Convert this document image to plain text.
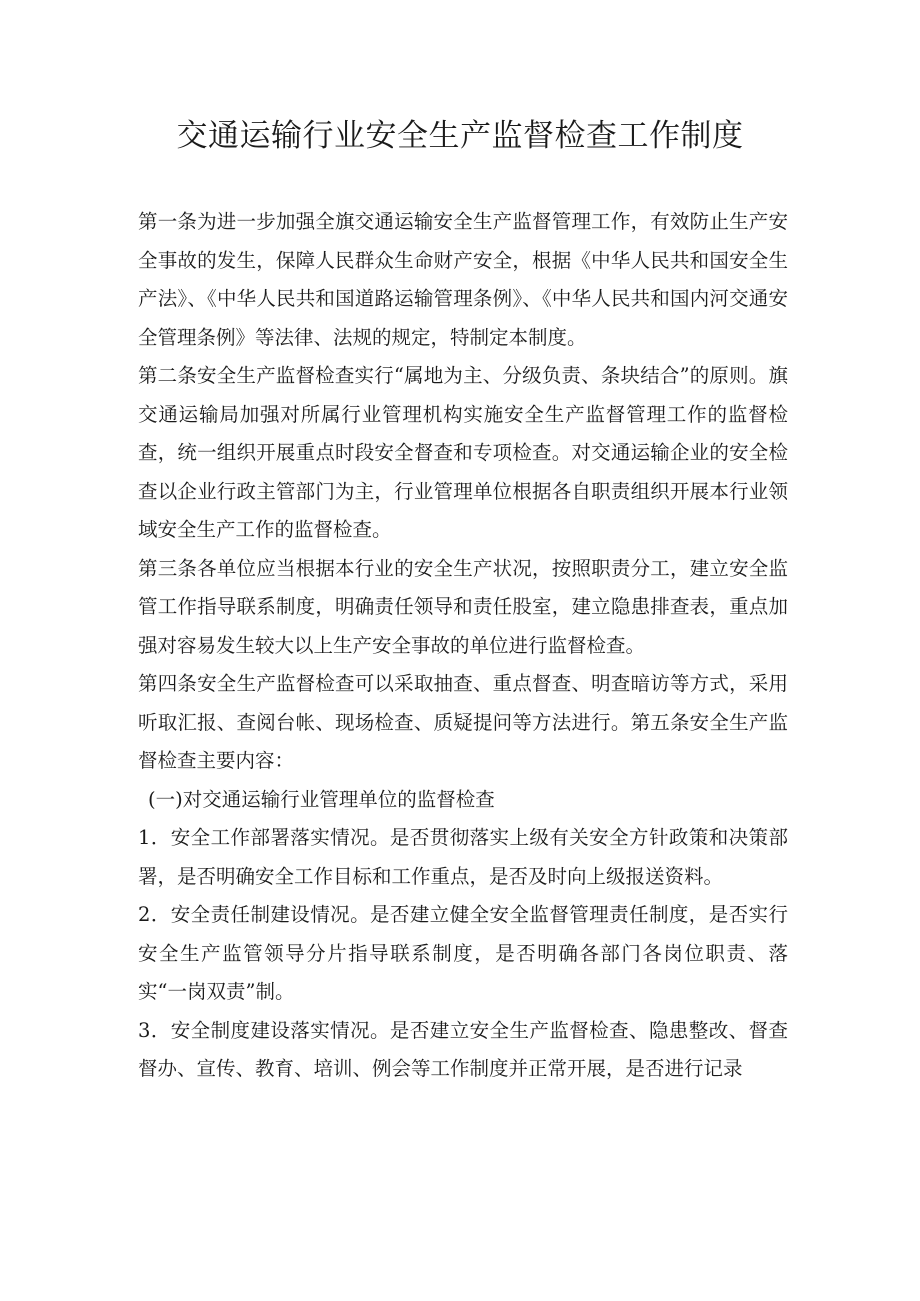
交通运输行业安全生产监督检查工作制度

第一条为进一步加强全旗交通运输安全生产监督管理工作，有效防止生产安全事故的发生，保障人民群众生命财产安全，根据《中华人民共和国安全生产法》、《中华人民共和国道路运输管理条例》、《中华人民共和国内河交通安全管理条例》等法律、法规的规定，特制定本制度。

第二条安全生产监督检查实行“属地为主、分级负责、条块结合”的原则。旗交通运输局加强对所属行业管理机构实施安全生产监督管理工作的监督检查，统一组织开展重点时段安全督查和专项检查。对交通运输企业的安全检查以企业行政主管部门为主，行业管理单位根据各自职责组织开展本行业领域安全生产工作的监督检查。

第三条各单位应当根据本行业的安全生产状况，按照职责分工，建立安全监管工作指导联系制度，明确责任领导和责任股室，建立隐患排查表，重点加强对容易发生较大以上生产安全事故的单位进行监督检查。

第四条安全生产监督检查可以采取抽查、重点督查、明查暗访等方式，采用听取汇报、查阅台帐、现场检查、质疑提问等方法进行。第五条安全生产监督检查主要内容：

(一)对交通运输行业管理单位的监督检查

1．安全工作部署落实情况。是否贯彻落实上级有关安全方针政策和决策部署，是否明确安全工作目标和工作重点，是否及时向上级报送资料。

2．安全责任制建设情况。是否建立健全安全监督管理责任制度，是否实行安全生产监管领导分片指导联系制度，是否明确各部门各岗位职责、落实“一岗双责”制。

3．安全制度建设落实情况。是否建立安全生产监督检查、隐患整改、督查督办、宣传、教育、培训、例会等工作制度并正常开展，是否进行记录
